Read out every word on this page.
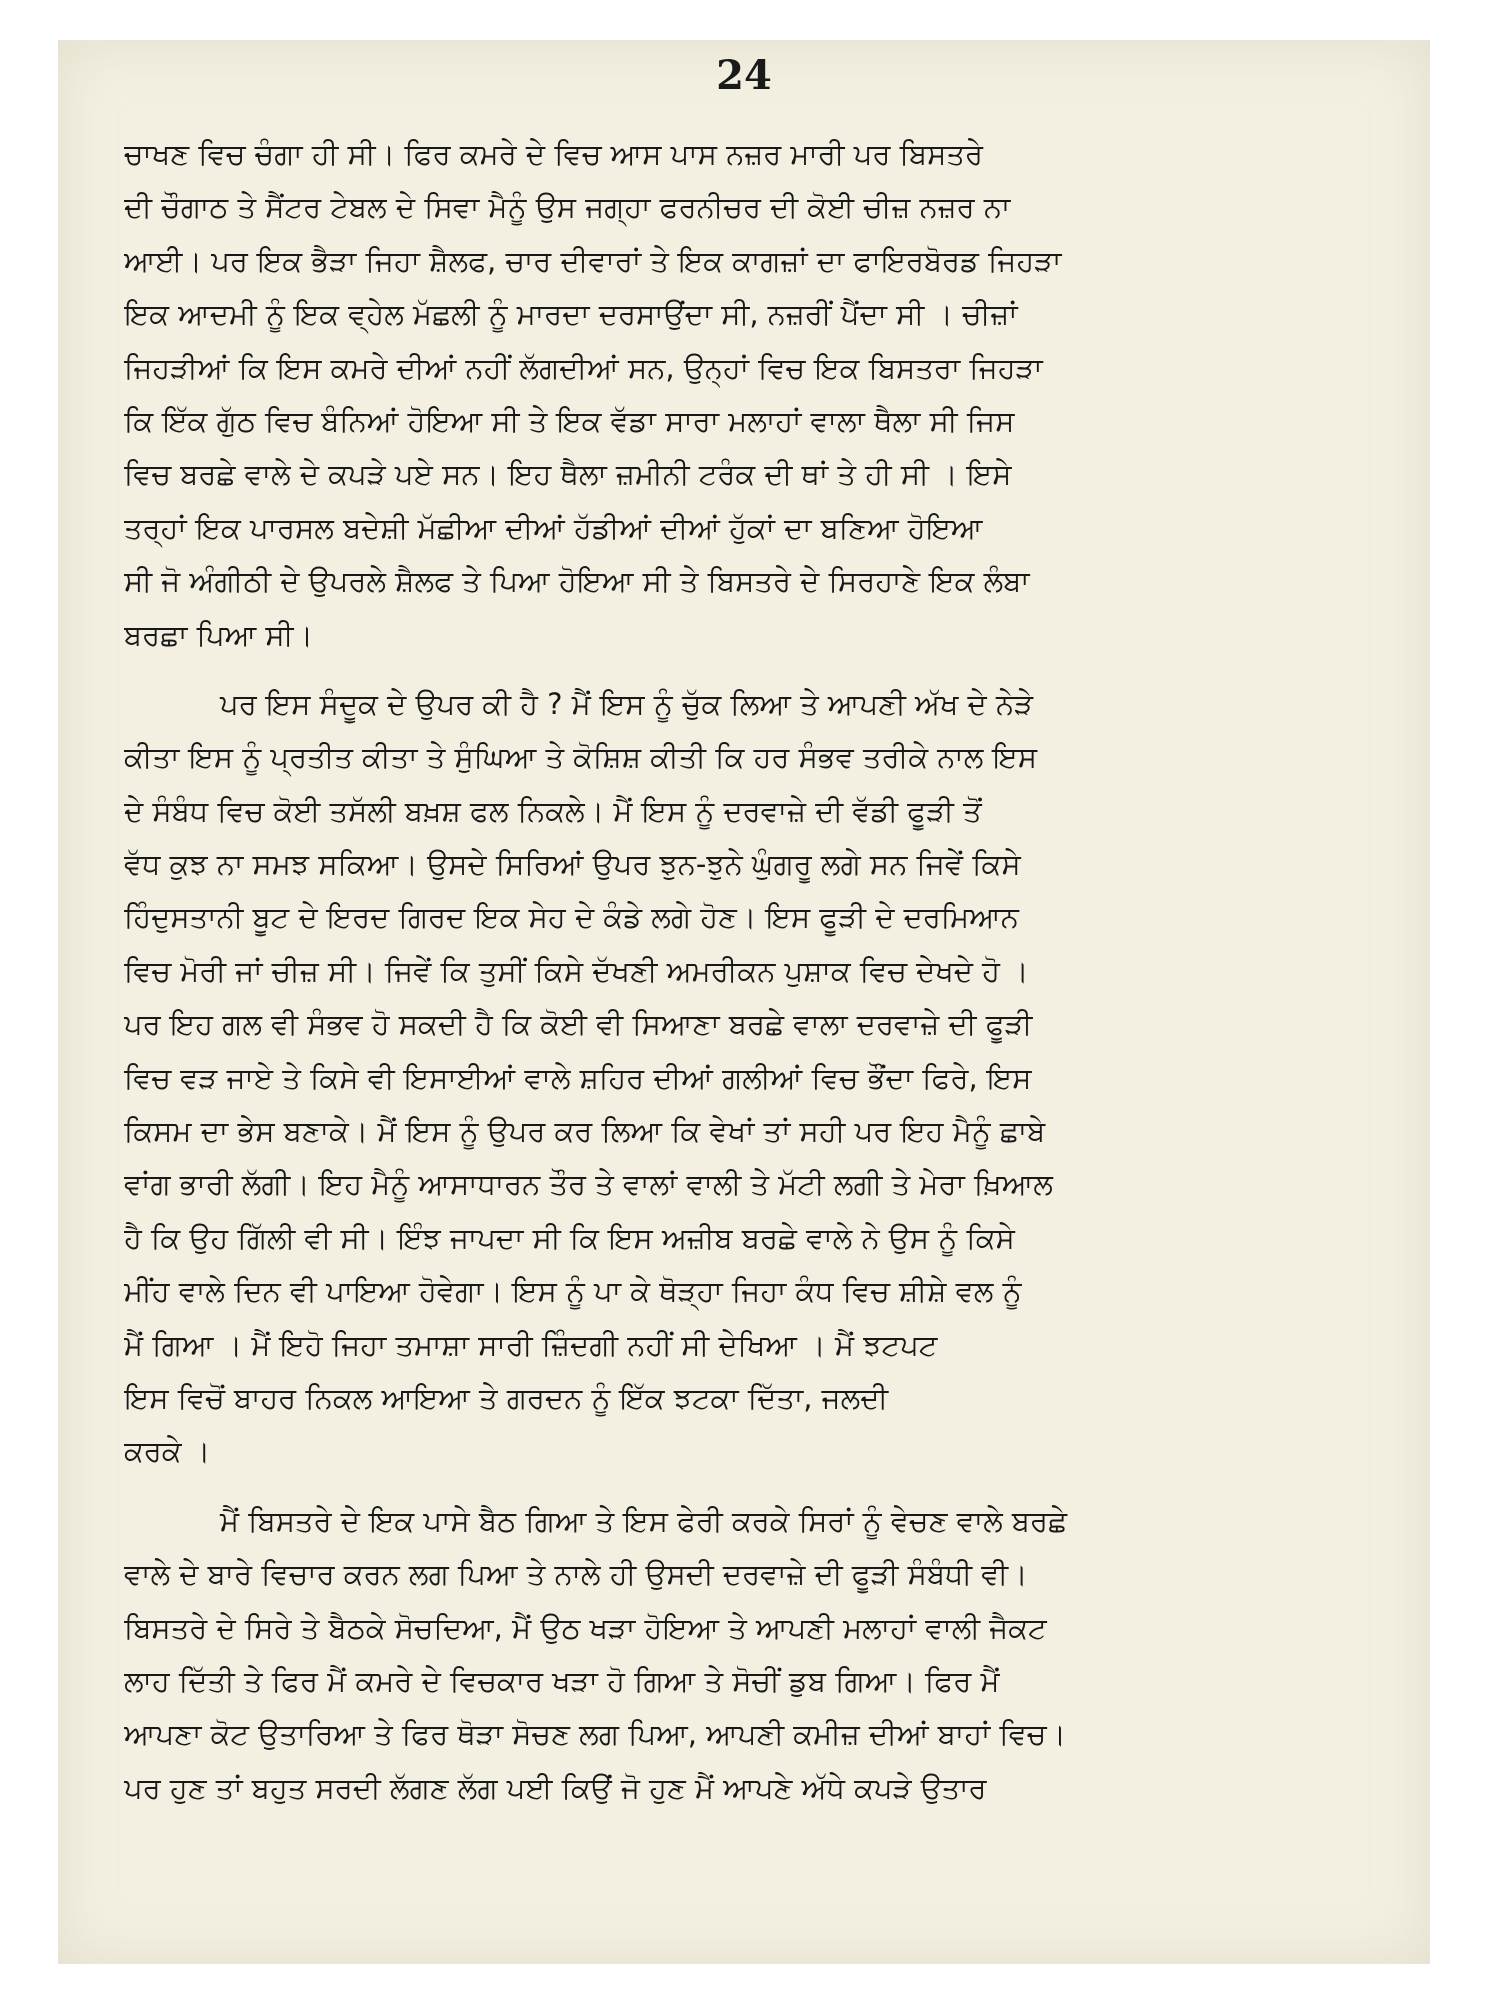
24
ਚਾਖਣ ਵਿਚ ਚੰਗਾ ਹੀ ਸੀ। ਫਿਰ ਕਮਰੇ ਦੇ ਵਿਚ ਆਸ ਪਾਸ ਨਜ਼ਰ ਮਾਰੀ ਪਰ ਬਿਸਤਰੇ
ਦੀ ਚੌਗਾਠ ਤੇ ਸੈਂਟਰ ਟੇਬਲ ਦੇ ਸਿਵਾ ਮੈਨੂੰ ਉਸ ਜਗ੍ਹਾ ਫਰਨੀਚਰ ਦੀ ਕੋਈ ਚੀਜ਼ ਨਜ਼ਰ ਨਾ
ਆਈ। ਪਰ ਇਕ ਭੈੜਾ ਜਿਹਾ ਸ਼ੈਲਫ, ਚਾਰ ਦੀਵਾਰਾਂ ਤੇ ਇਕ ਕਾਗਜ਼ਾਂ ਦਾ ਫਾਇਰਬੋਰਡ ਜਿਹੜਾ
ਇਕ ਆਦਮੀ ਨੂੰ ਇਕ ਵ੍ਹੇਲ ਮੱਛਲੀ ਨੂੰ ਮਾਰਦਾ ਦਰਸਾਉਂਦਾ ਸੀ, ਨਜ਼ਰੀਂ ਪੈਂਦਾ ਸੀ । ਚੀਜ਼ਾਂ
ਜਿਹੜੀਆਂ ਕਿ ਇਸ ਕਮਰੇ ਦੀਆਂ ਨਹੀਂ ਲੱਗਦੀਆਂ ਸਨ, ਉਨ੍ਹਾਂ ਵਿਚ ਇਕ ਬਿਸਤਰਾ ਜਿਹੜਾ
ਕਿ ਇੱਕ ਗੁੱਠ ਵਿਚ ਬੰਨਿਆਂ ਹੋਇਆ ਸੀ ਤੇ ਇਕ ਵੱਡਾ ਸਾਰਾ ਮਲਾਹਾਂ ਵਾਲਾ ਥੈਲਾ ਸੀ ਜਿਸ
ਵਿਚ ਬਰਛੇ ਵਾਲੇ ਦੇ ਕਪੜੇ ਪਏ ਸਨ। ਇਹ ਥੈਲਾ ਜ਼ਮੀਨੀ ਟਰੰਕ ਦੀ ਥਾਂ ਤੇ ਹੀ ਸੀ । ਇਸੇ
ਤਰ੍ਹਾਂ ਇਕ ਪਾਰਸਲ ਬਦੇਸ਼ੀ ਮੱਛੀਆ ਦੀਆਂ ਹੱਡੀਆਂ ਦੀਆਂ ਹੁੱਕਾਂ ਦਾ ਬਣਿਆ ਹੋਇਆ
ਸੀ ਜੋ ਅੰਗੀਠੀ ਦੇ ਉਪਰਲੇ ਸ਼ੈਲਫ ਤੇ ਪਿਆ ਹੋਇਆ ਸੀ ਤੇ ਬਿਸਤਰੇ ਦੇ ਸਿਰਹਾਣੇ ਇਕ ਲੰਬਾ
ਬਰਛਾ ਪਿਆ ਸੀ।
ਪਰ ਇਸ ਸੰਦੂਕ ਦੇ ਉਪਰ ਕੀ ਹੈ ? ਮੈਂ ਇਸ ਨੂੰ ਚੁੱਕ ਲਿਆ ਤੇ ਆਪਣੀ ਅੱਖ ਦੇ ਨੇੜੇ
ਕੀਤਾ ਇਸ ਨੂੰ ਪ੍ਰਤੀਤ ਕੀਤਾ ਤੇ ਸੁੰਘਿਆ ਤੇ ਕੋਸ਼ਿਸ਼ ਕੀਤੀ ਕਿ ਹਰ ਸੰਭਵ ਤਰੀਕੇ ਨਾਲ ਇਸ
ਦੇ ਸੰਬੰਧ ਵਿਚ ਕੋਈ ਤਸੱਲੀ ਬਖ਼ਸ਼ ਫਲ ਨਿਕਲੇ। ਮੈਂ ਇਸ ਨੂੰ ਦਰਵਾਜ਼ੇ ਦੀ ਵੱਡੀ ਫੂੜੀ ਤੋਂ
ਵੱਧ ਕੁਝ ਨਾ ਸਮਝ ਸਕਿਆ। ਉਸਦੇ ਸਿਰਿਆਂ ਉਪਰ ਝੁਨ-ਝੁਨੇ ਘੁੰਗਰੂ ਲਗੇ ਸਨ ਜਿਵੇਂ ਕਿਸੇ
ਹਿੰਦੁਸਤਾਨੀ ਬੂਟ ਦੇ ਇਰਦ ਗਿਰਦ ਇਕ ਸੇਹ ਦੇ ਕੰਡੇ ਲਗੇ ਹੋਣ। ਇਸ ਫੂੜੀ ਦੇ ਦਰਮਿਆਨ
ਵਿਚ ਮੋਰੀ ਜਾਂ ਚੀਜ਼ ਸੀ। ਜਿਵੇਂ ਕਿ ਤੁਸੀਂ ਕਿਸੇ ਦੱਖਣੀ ਅਮਰੀਕਨ ਪੁਸ਼ਾਕ ਵਿਚ ਦੇਖਦੇ ਹੋ ।
ਪਰ ਇਹ ਗਲ ਵੀ ਸੰਭਵ ਹੋ ਸਕਦੀ ਹੈ ਕਿ ਕੋਈ ਵੀ ਸਿਆਣਾ ਬਰਛੇ ਵਾਲਾ ਦਰਵਾਜ਼ੇ ਦੀ ਫੂੜੀ
ਵਿਚ ਵੜ ਜਾਏ ਤੇ ਕਿਸੇ ਵੀ ਇਸਾਈਆਂ ਵਾਲੇ ਸ਼ਹਿਰ ਦੀਆਂ ਗਲੀਆਂ ਵਿਚ ਭੌਂਦਾ ਫਿਰੇ, ਇਸ
ਕਿਸਮ ਦਾ ਭੇਸ ਬਣਾਕੇ। ਮੈਂ ਇਸ ਨੂੰ ਉਪਰ ਕਰ ਲਿਆ ਕਿ ਵੇਖਾਂ ਤਾਂ ਸਹੀ ਪਰ ਇਹ ਮੈਨੂੰ ਛਾਬੇ
ਵਾਂਗ ਭਾਰੀ ਲੱਗੀ। ਇਹ ਮੈਨੂੰ ਆਸਾਧਾਰਨ ਤੌਰ ਤੇ ਵਾਲਾਂ ਵਾਲੀ ਤੇ ਮੱਟੀ ਲਗੀ ਤੇ ਮੇਰਾ ਖ਼ਿਆਲ
ਹੈ ਕਿ ਉਹ ਗਿੱਲੀ ਵੀ ਸੀ। ਇੰਝ ਜਾਪਦਾ ਸੀ ਕਿ ਇਸ ਅਜ਼ੀਬ ਬਰਛੇ ਵਾਲੇ ਨੇ ਉਸ ਨੂੰ ਕਿਸੇ
ਮੀਂਹ ਵਾਲੇ ਦਿਨ ਵੀ ਪਾਇਆ ਹੋਵੇਗਾ। ਇਸ ਨੂੰ ਪਾ ਕੇ ਥੋੜ੍ਹਾ ਜਿਹਾ ਕੰਧ ਵਿਚ ਸ਼ੀਸ਼ੇ ਵਲ ਨੂੰ
ਮੈਂ ਗਿਆ । ਮੈਂ ਇਹੋ ਜਿਹਾ ਤਮਾਸ਼ਾ ਸਾਰੀ ਜ਼ਿੰਦਗੀ ਨਹੀਂ ਸੀ ਦੇਖਿਆ । ਮੈਂ ਝਟਪਟ
ਇਸ ਵਿਚੋਂ ਬਾਹਰ ਨਿਕਲ ਆਇਆ ਤੇ ਗਰਦਨ ਨੂੰ ਇੱਕ ਝਟਕਾ ਦਿੱਤਾ, ਜਲਦੀ
ਕਰਕੇ ।
ਮੈਂ ਬਿਸਤਰੇ ਦੇ ਇਕ ਪਾਸੇ ਬੈਠ ਗਿਆ ਤੇ ਇਸ ਫੇਰੀ ਕਰਕੇ ਸਿਰਾਂ ਨੂੰ ਵੇਚਣ ਵਾਲੇ ਬਰਛੇ
ਵਾਲੇ ਦੇ ਬਾਰੇ ਵਿਚਾਰ ਕਰਨ ਲਗ ਪਿਆ ਤੇ ਨਾਲੇ ਹੀ ਉਸਦੀ ਦਰਵਾਜ਼ੇ ਦੀ ਫੂੜੀ ਸੰਬੰਧੀ ਵੀ।
ਬਿਸਤਰੇ ਦੇ ਸਿਰੇ ਤੇ ਬੈਠਕੇ ਸੋਚਦਿਆ, ਮੈਂ ਉਠ ਖੜਾ ਹੋਇਆ ਤੇ ਆਪਣੀ ਮਲਾਹਾਂ ਵਾਲੀ ਜੈਕਟ
ਲਾਹ ਦਿੱਤੀ ਤੇ ਫਿਰ ਮੈਂ ਕਮਰੇ ਦੇ ਵਿਚਕਾਰ ਖੜਾ ਹੋ ਗਿਆ ਤੇ ਸੋਚੀਂ ਡੁਬ ਗਿਆ। ਫਿਰ ਮੈਂ
ਆਪਣਾ ਕੋਟ ਉਤਾਰਿਆ ਤੇ ਫਿਰ ਥੋੜਾ ਸੋਚਣ ਲਗ ਪਿਆ, ਆਪਣੀ ਕਮੀਜ਼ ਦੀਆਂ ਬਾਹਾਂ ਵਿਚ।
ਪਰ ਹੁਣ ਤਾਂ ਬਹੁਤ ਸਰਦੀ ਲੱਗਣ ਲੱਗ ਪਈ ਕਿਉਂ ਜੋ ਹੁਣ ਮੈਂ ਆਪਣੇ ਅੱਧੇ ਕਪੜੇ ਉਤਾਰ
